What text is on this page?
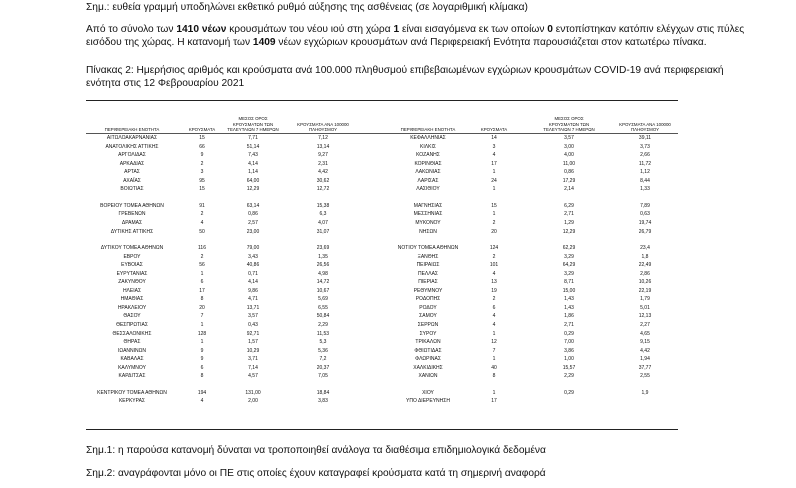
Σημ.: ευθεία γραμμή υποδηλώνει εκθετικό ρυθμό αύξησης της ασθένειας (σε λογαριθμική κλίμακα)
Από το σύνολο των 1410 νέων κρουσμάτων του νέου ιού στη χώρα 1 είναι εισαγόμενα εκ των οποίων 0 εντοπίστηκαν κατόπιν ελέγχων στις πύλες
εισόδου της χώρας. Η κατανομή των 1409 νέων εγχώριων κρουσμάτων ανά Περιφερειακή Ενότητα παρουσιάζεται στον κατωτέρω πίνακα.
Πίνακας 2: Ημερήσιος αριθμός και κρούσματα ανά 100.000 πληθυσμού επιβεβαιωμένων εγχώριων κρουσμάτων COVID-19 ανά περιφερειακή
ενότητα στις 12 Φεβρουαρίου 2021
ΠΕΡΙΦΕΡΕΙΑΚΗ ΕΝΟΤΗΤΑ	ΚΡΟΥΣΜΑΤΑ
ΜΕΣΟΣ ΟΡΟΣ
ΚΡΟΥΣΜΑΤΩΝ ΤΩΝ
ΤΕΛΕΥΤΑΙΩΝ 7 ΗΜΕΡΩΝ
ΚΡΟΥΣΜΑΤΑ ΑΝΑ 100000
ΠΛΗΘΥΣΜΟΥ	ΠΕΡΙΦΕΡΕΙΑΚΗ ΕΝΟΤΗΤΑ	ΚΡΟΥΣΜΑΤΑ
ΜΕΣΟΣ ΟΡΟΣ
ΚΡΟΥΣΜΑΤΩΝ ΤΩΝ
ΤΕΛΕΥΤΑΙΩΝ 7 ΗΜΕΡΩΝ
ΚΡΟΥΣΜΑΤΑ ΑΝΑ 100000
ΠΛΗΘΥΣΜΟΥ
ΑΙΤΩΛΟΑΚΑΡΝΑΝΙΑΣ	15	7,71	7,12	ΚΕΦΑΛΛΗΝΙΑΣ	14	3,57	39,11
ΑΝΑΤΟΛΙΚΗΣ ΑΤΤΙΚΗΣ	66	51,14	13,14	ΚΙΛΚΙΣ	3	3,00	3,73
ΑΡΓΟΛΙΔΑΣ	9	7,43	9,27	ΚΟΖΑΝΗΣ	4	4,00	2,66
ΑΡΚΑΔΙΑΣ	2	4,14	2,31	ΚΟΡΙΝΘΙΑΣ	17	11,00	11,72
ΑΡΤΑΣ	3	1,14	4,42	ΛΑΚΩΝΙΑΣ	1	0,86	1,12
ΑΧΑΪΑΣ	95	64,00	30,62	ΛΑΡΙΣΑΣ	24	17,29	8,44
ΒΟΙΩΤΙΑΣ	15	12,29	12,72	ΛΑΣΙΘΙΟΥ	1	2,14	1,33
ΒΟΡΕΙΟΥ ΤΟΜΕΑ ΑΘΗΝΩΝ	91	63,14	15,38	ΜΑΓΝΗΣΙΑΣ	15	6,29	7,89
ΓΡΕΒΕΝΩΝ	2	0,86	6,3	ΜΕΣΣΗΝΙΑΣ	1	2,71	0,63
ΔΡΑΜΑΣ	4	2,57	4,07	ΜΥΚΟΝΟΥ	2	1,29	19,74
ΔΥΤΙΚΗΣ ΑΤΤΙΚΗΣ	50	23,00	31,07	ΝΗΣΩΝ	20	12,29	26,79
ΔΥΤΙΚΟΥ ΤΟΜΕΑ ΑΘΗΝΩΝ	116	79,00	23,69	ΝΟΤΙΟΥ ΤΟΜΕΑ ΑΘΗΝΩΝ	124	62,29	23,4
ΕΒΡΟΥ	2	3,43	1,35	ΞΑΝΘΗΣ	2	3,29	1,8
ΕΥΒΟΙΑΣ	56	40,86	26,56	ΠΕΙΡΑΙΩΣ	101	64,29	22,49
ΕΥΡΥΤΑΝΙΑΣ	1	0,71	4,98	ΠΕΛΛΑΣ	4	3,29	2,86
ΖΑΚΥΝΘΟΥ	6	4,14	14,72	ΠΙΕΡΙΑΣ	13	8,71	10,26
ΗΛΕΙΑΣ	17	9,86	10,67	ΡΕΘΥΜΝΟΥ	19	15,00	22,19
ΗΜΑΘΙΑΣ	8	4,71	5,69	ΡΟΔΟΠΗΣ	2	1,43	1,79
ΗΡΑΚΛΕΙΟΥ	20	13,71	6,55	ΡΟΔΟΥ	6	1,43	5,01
ΘΑΣΟΥ	7	3,57	50,84	ΣΑΜΟΥ	4	1,86	12,13
ΘΕΣΠΡΩΤΙΑΣ	1	0,43	2,29	ΣΕΡΡΩΝ	4	2,71	2,27
ΘΕΣΣΑΛΟΝΙΚΗΣ	128	92,71	11,53	ΣΥΡΟΥ	1	0,29	4,65
ΘΗΡΑΣ	1	1,57	5,3	ΤΡΙΚΑΛΩΝ	12	7,00	9,15
ΙΩΑΝΝΙΝΩΝ	9	10,29	5,36	ΦΘΙΩΤΙΔΑΣ	7	3,86	4,42
ΚΑΒΑΛΑΣ	9	3,71	7,2	ΦΛΩΡΙΝΑΣ	1	1,00	1,94
ΚΑΛΥΜΝΟΥ	6	7,14	20,37	ΧΑΛΚΙΔΙΚΗΣ	40	15,57	37,77
ΚΑΡΔΙΤΣΑΣ	8	4,57	7,05	ΧΑΝΙΩΝ	8	2,29	2,55
ΚΕΝΤΡΙΚΟΥ ΤΟΜΕΑ ΑΘΗΝΩΝ	194	131,00	18,84	ΧΙΟΥ	1	0,29	1,9
ΚΕΡΚΥΡΑΣ	4	2,00	3,83	ΥΠΟ ΔΙΕΡΕΥΝΗΣΗ	17
Σημ.1: η παρούσα κατανομή δύναται να τροποποιηθεί ανάλογα τα διαθέσιμα επιδημιολογικά δεδομένα
Σημ.2: αναγράφονται μόνο οι ΠΕ στις οποίες έχουν καταγραφεί κρούσματα κατά τη σημερινή αναφορά
